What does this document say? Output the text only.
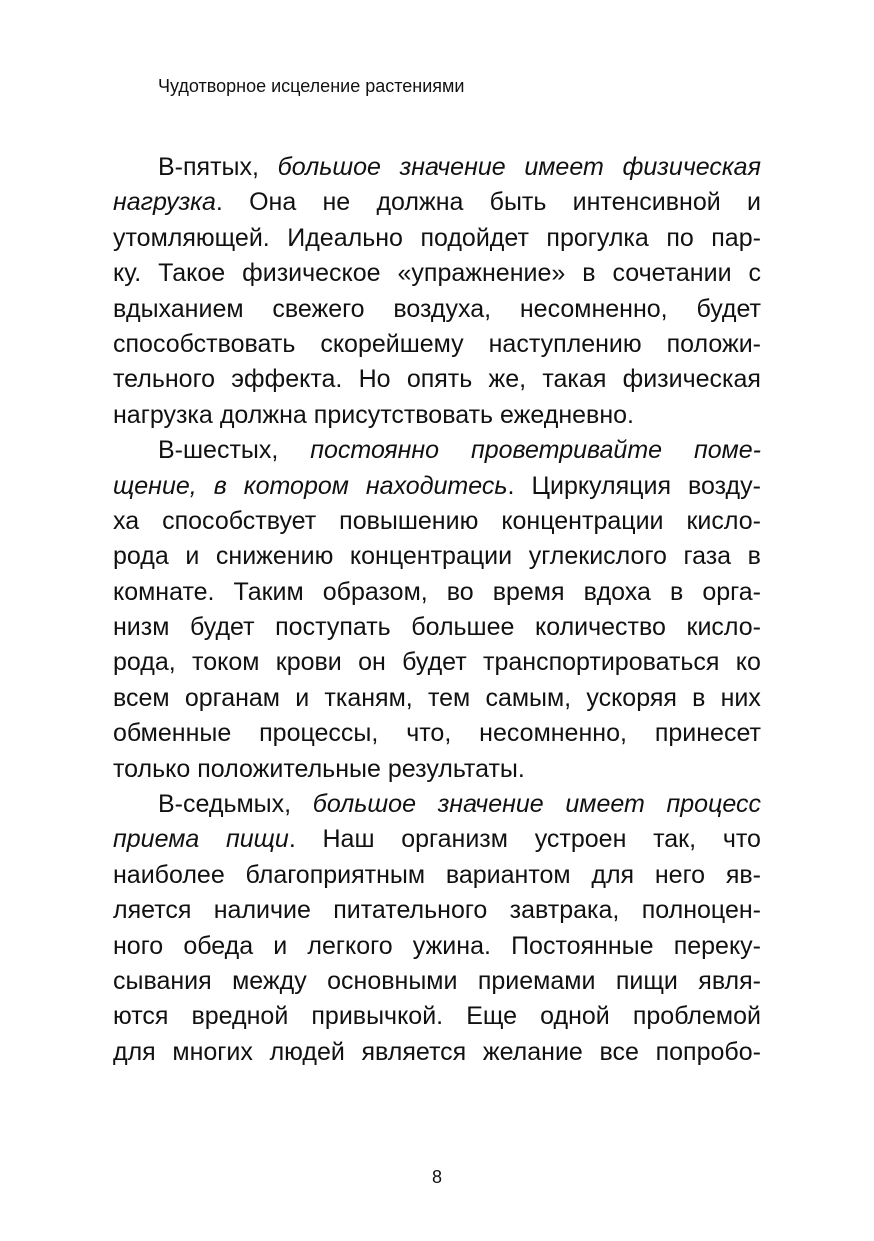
Чудотворное исцеление растениями
В-пятых, большое значение имеет физическая
нагрузка. Она не должна быть интенсивной и
утомляющей. Идеально подойдет прогулка по пар-
ку. Такое физическое «упражнение» в сочетании с
вдыханием свежего воздуха, несомненно, будет
способствовать скорейшему наступлению положи-
тельного эффекта. Но опять же, такая физическая
нагрузка должна присутствовать ежедневно.
В-шестых, постоянно проветривайте поме-
щение, в котором находитесь. Циркуляция возду-
ха способствует повышению концентрации кисло-
рода и снижению концентрации углекислого газа в
комнате. Таким образом, во время вдоха в орга-
низм будет поступать большее количество кисло-
рода, током крови он будет транспортироваться ко
всем органам и тканям, тем самым, ускоряя в них
обменные процессы, что, несомненно, принесет
только положительные результаты.
В-седьмых, большое значение имеет процесс
приема пищи. Наш организм устроен так, что
наиболее благоприятным вариантом для него яв-
ляется наличие питательного завтрака, полноцен-
ного обеда и легкого ужина. Постоянные переку-
сывания между основными приемами пищи явля-
ются вредной привычкой. Еще одной проблемой
для многих людей является желание все попробо-
8
